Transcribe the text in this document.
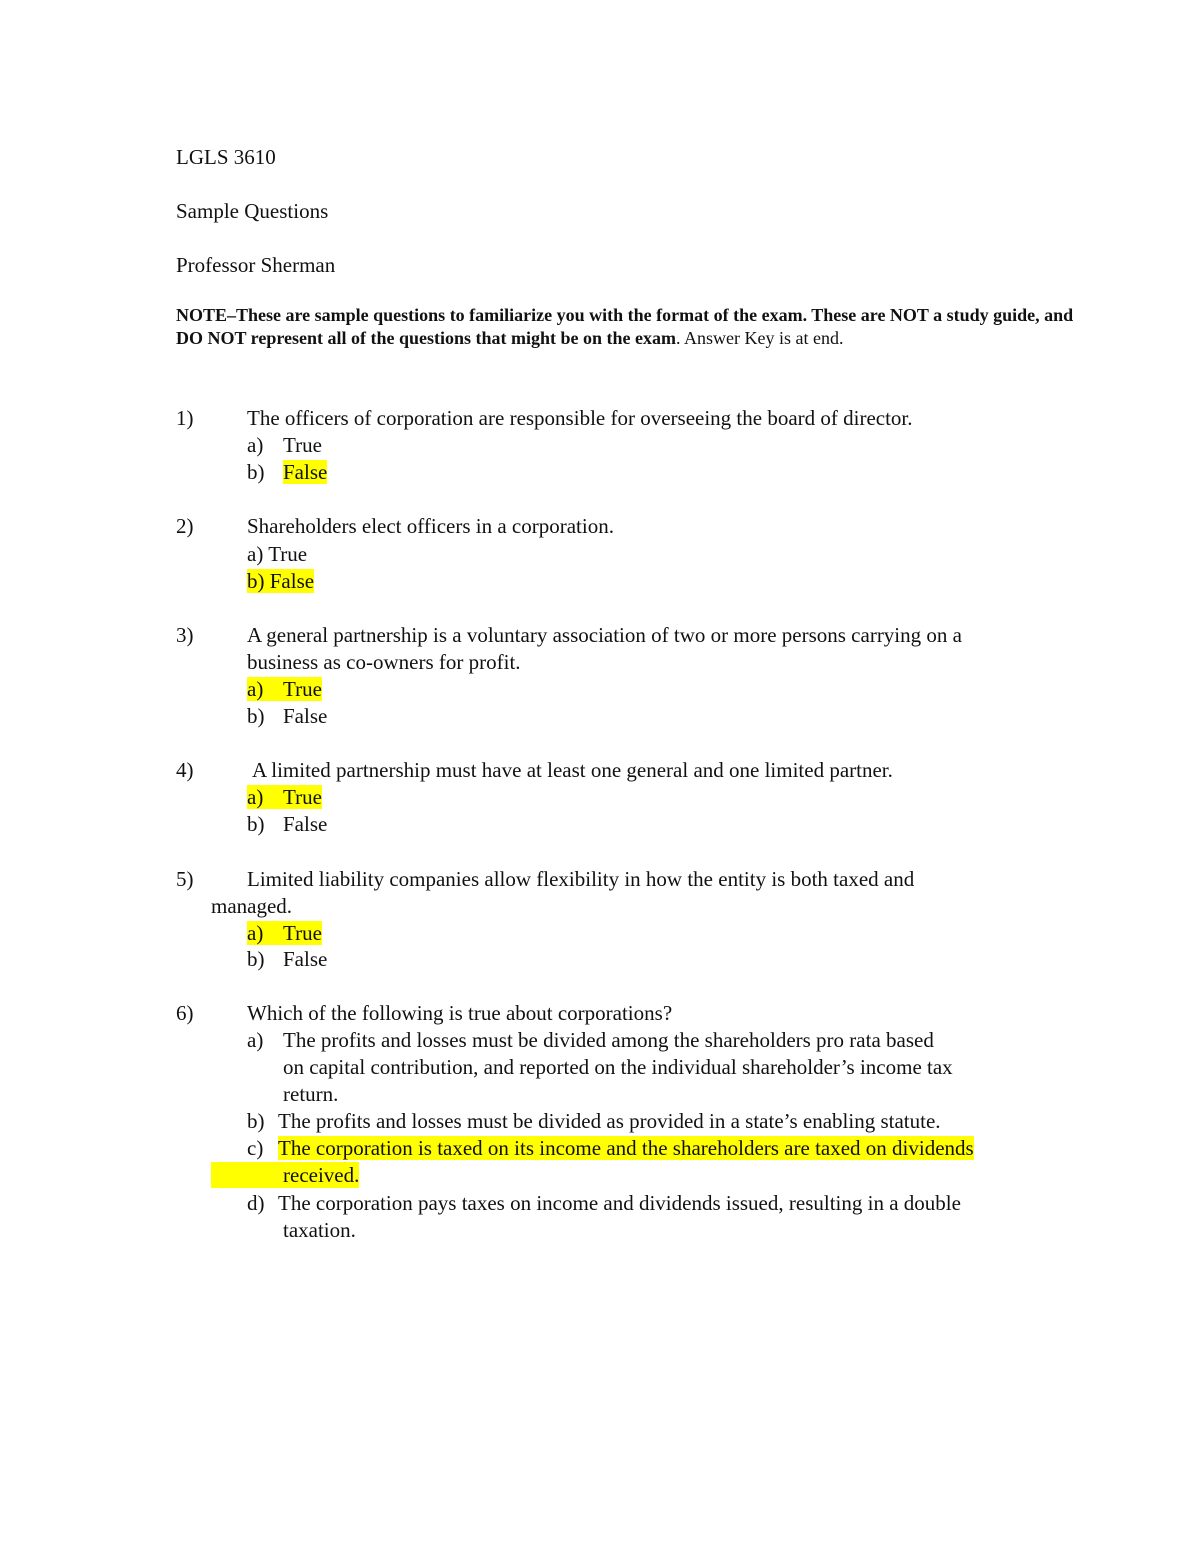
LGLS 3610
Sample Questions
Professor Sherman
NOTE–These are sample questions to familiarize you with the format of the exam. These are NOT a study guide, and DO NOT represent all of the questions that might be on the exam. Answer Key is at end.
1)	The officers of corporation are responsible for overseeing the board of director.
a) True
b) False
2)	Shareholders elect officers in a corporation.
a) True
b) False
3)	A general partnership is a voluntary association of two or more persons carrying on a
business as co-owners for profit.
a) True
b) False
4)	A limited partnership must have at least one general and one limited partner.
a) True
b) False
5)	Limited liability companies allow flexibility in how the entity is both taxed and
managed.
a) True
b) False
6)	Which of the following is true about corporations?
a) The profits and losses must be divided among the shareholders pro rata based
on capital contribution, and reported on the individual shareholder’s income tax
return.
b) The profits and losses must be divided as provided in a state’s enabling statute.
c) The corporation is taxed on its income and the shareholders are taxed on dividends
received.
d) The corporation pays taxes on income and dividends issued, resulting in a double
taxation.
